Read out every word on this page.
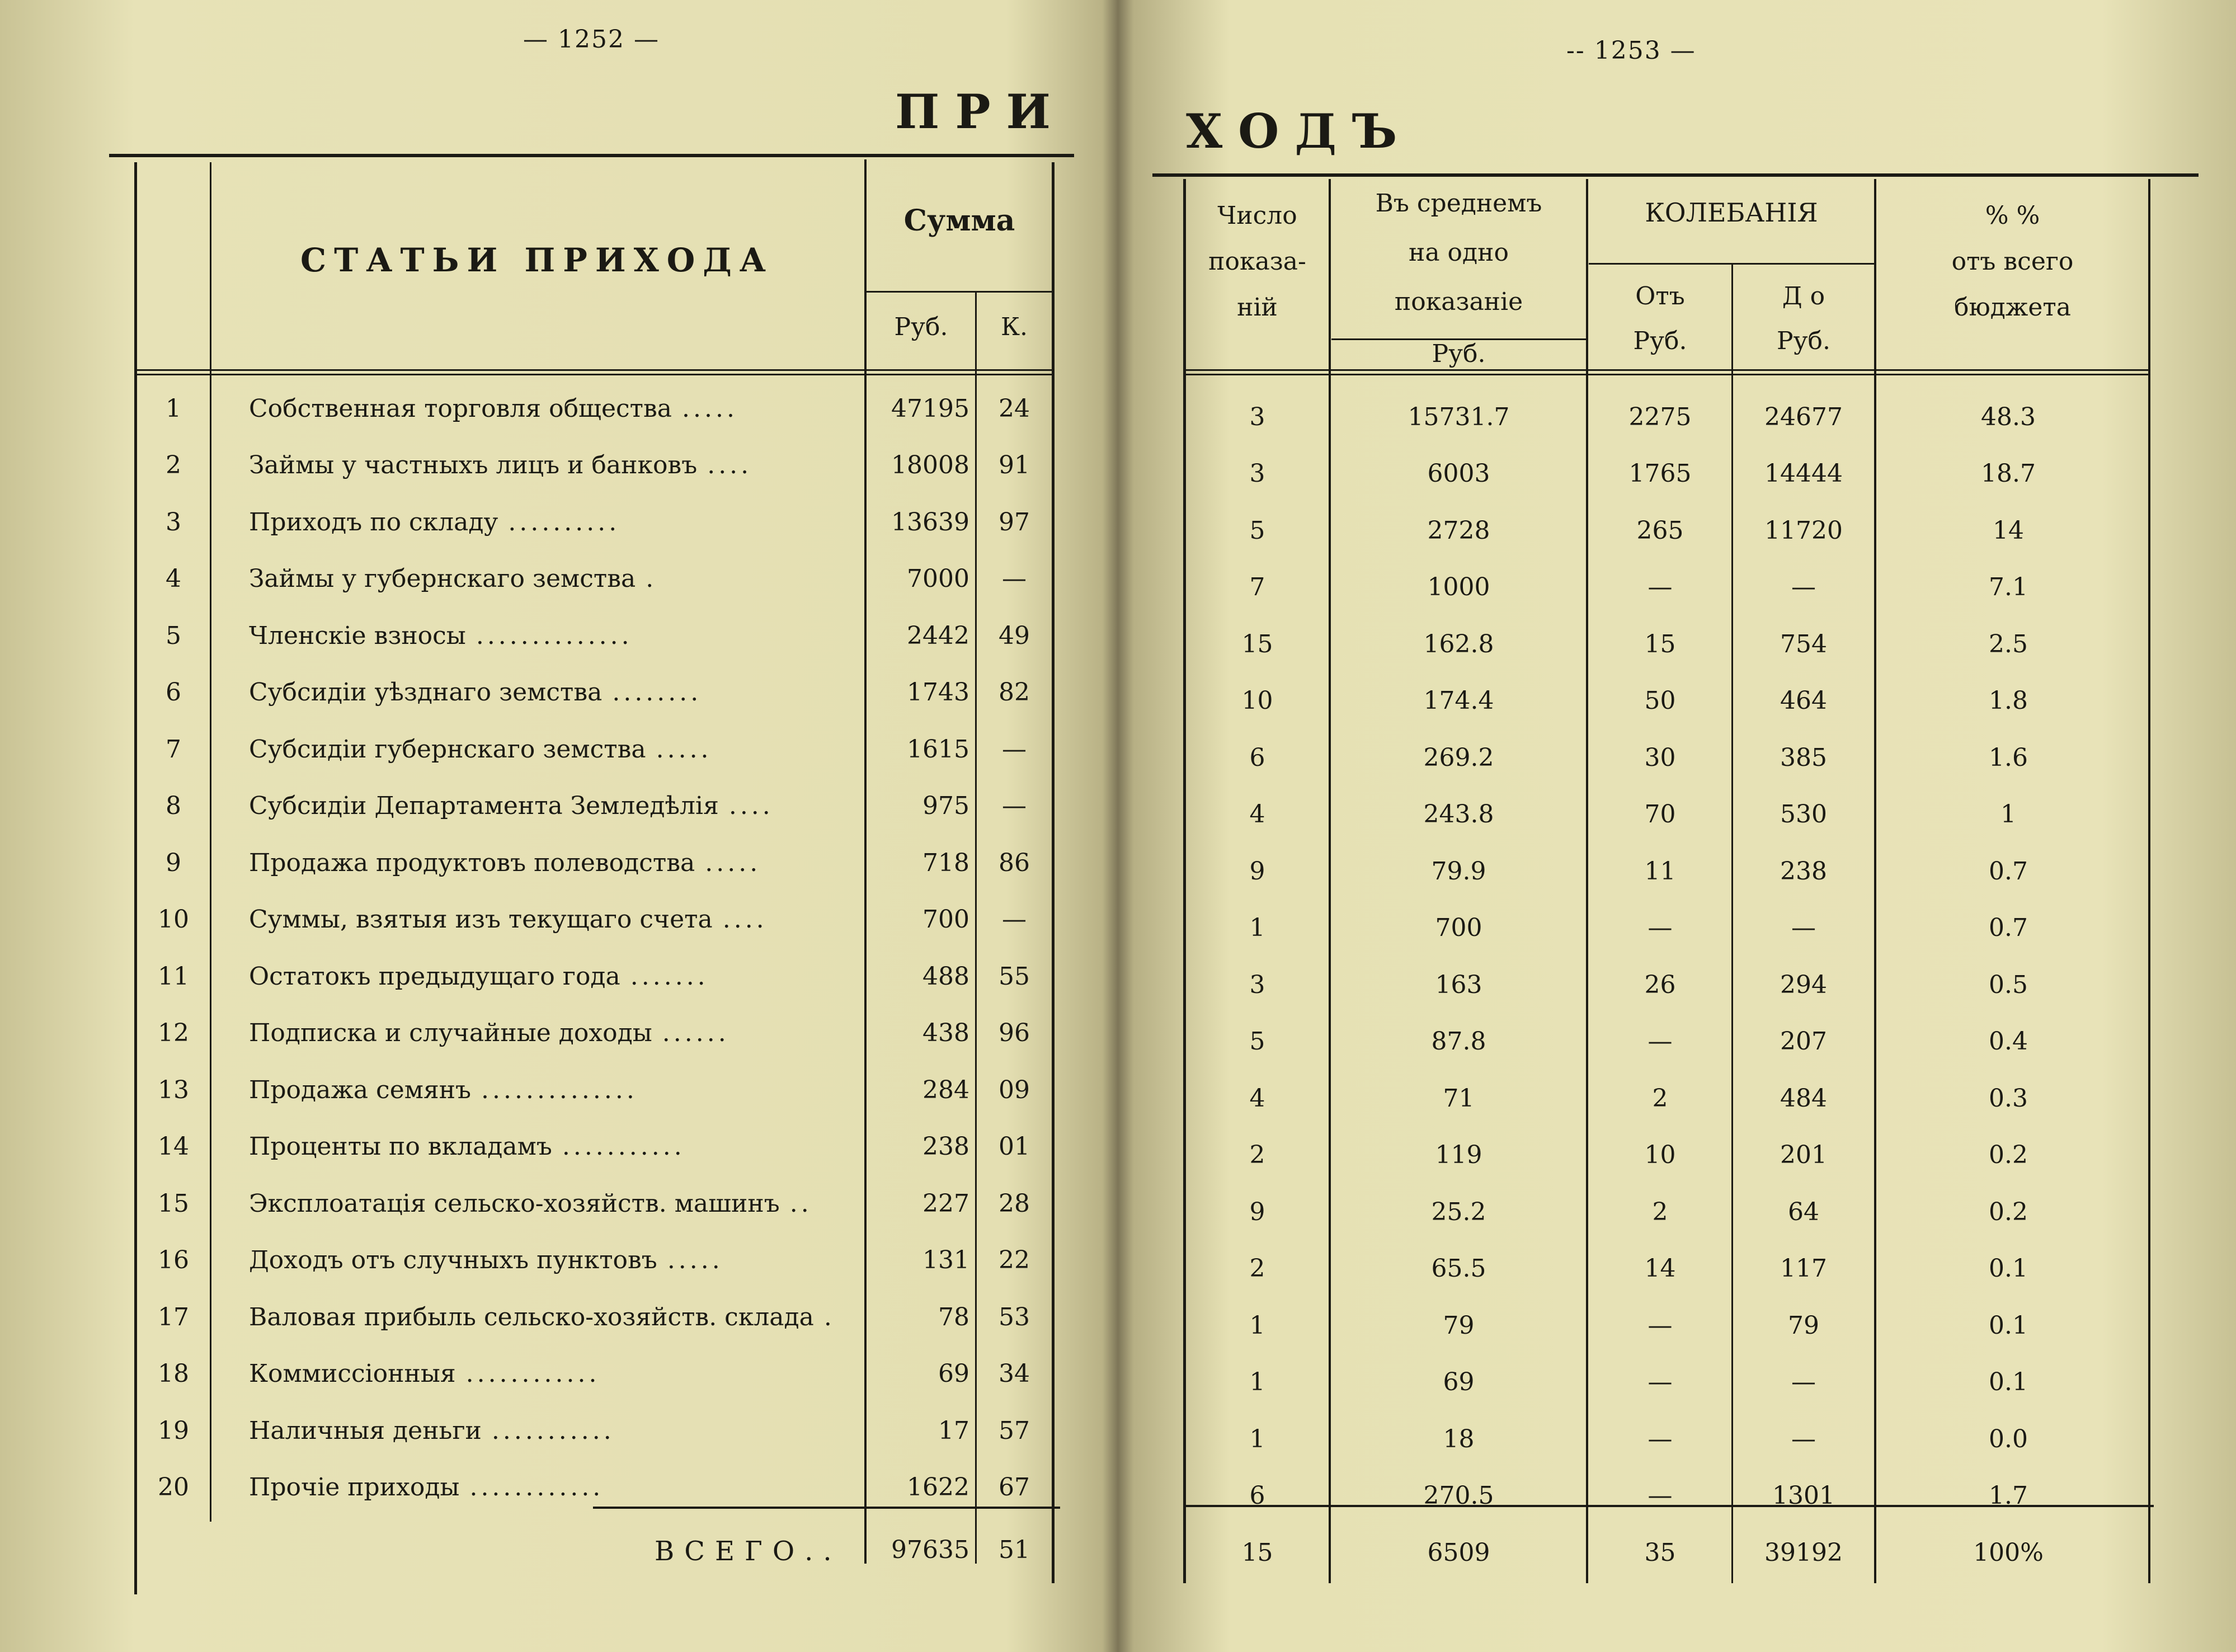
— 1252 —
ПРИ
СТАТЬИ ПРИХОДА
Сумма
Руб.	К.
1	Собственная торговля общества .....	47195	24
2	Займы у частныхъ лицъ и банковъ ....	18008	91
3	Приходъ по складу ..........	13639	97
4	Займы у губернскаго земства .	7000	—
5	Членскіе взносы ..............	2442	49
6	Субсидіи уѣзднаго земства ........	1743	82
7	Субсидіи губернскаго земства .....	1615	—
8	Субсидіи Департамента Земледѣлія ....	975	—
9	Продажа продуктовъ полеводства .....	718	86
10	Суммы, взятыя изъ текущаго счета ....	700	—
11	Остатокъ предыдущаго года .......	488	55
12	Подписка и случайные доходы ......	438	96
13	Продажа семянъ ..............	284	09
14	Проценты по вкладамъ ...........	238	01
15	Эксплоатація сельско-хозяйств. машинъ ..	227	28
16	Доходъ отъ случныхъ пунктовъ .....	131	22
17	Валовая прибыль сельско-хозяйств. склада .	78	53
18	Коммиссіонныя ............	69	34
19	Наличныя деньги ...........	17	57
20	Прочіе приходы ............	1622	67
ВСЕГО..	97635	51
-- 1253 —
ХОДЪ
Число
показа-
ній
Въ среднемъ
на одно
показаніе
Руб.
КОЛЕБАНІЯ
Отъ
Руб.
Д о
Руб.
% %
отъ всего
бюджета
3	15731.7	2275	24677	48.3
3	6003	1765	14444	18.7
5	2728	265	11720	14
7	1000	—	—	7.1
15	162.8	15	754	2.5
10	174.4	50	464	1.8
6	269.2	30	385	1.6
4	243.8	70	530	1
9	79.9	11	238	0.7
1	700	—	—	0.7
3	163	26	294	0.5
5	87.8	—	207	0.4
4	71	2	484	0.3
2	119	10	201	0.2
9	25.2	2	64	0.2
2	65.5	14	117	0.1
1	79	—	79	0.1
1	69	—	—	0.1
1	18	—	—	0.0
6	270.5	—	1301	1.7
15	6509	35	39192	100%
